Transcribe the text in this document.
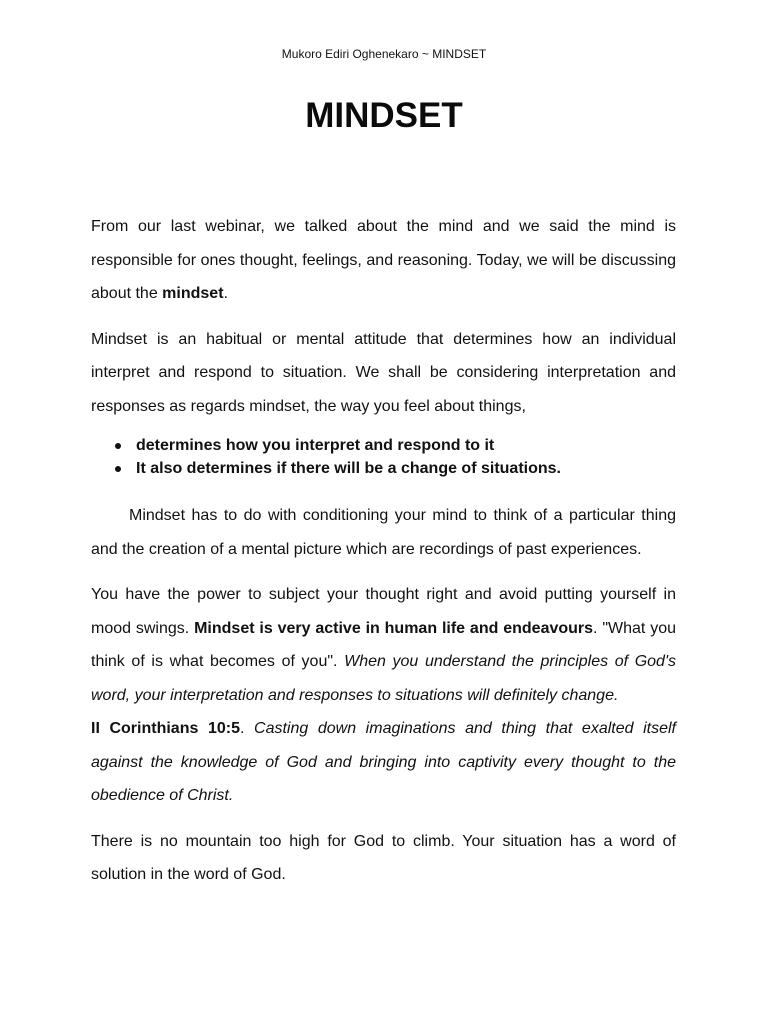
Mukoro Ediri Oghenekaro ~ MINDSET
MINDSET

From our last webinar, we talked about the mind and we said the mind is responsible for ones thought, feelings, and reasoning. Today, we will be discussing about the mindset.

Mindset is an habitual or mental attitude that determines how an individual interpret and respond to situation. We shall be considering interpretation and responses as regards mindset, the way you feel about things,

determines how you interpret and respond to it
It also determines if there will be a change of situations.

Mindset has to do with conditioning your mind to think of a particular thing and the creation of a mental picture which are recordings of past experiences.

You have the power to subject your thought right and avoid putting yourself in mood swings. Mindset is very active in human life and endeavours. "What you think of is what becomes of you". When you understand the principles of God's word, your interpretation and responses to situations will definitely change.

II Corinthians 10:5. Casting down imaginations and thing that exalted itself against the knowledge of God and bringing into captivity every thought to the obedience of Christ.

There is no mountain too high for God to climb. Your situation has a word of solution in the word of God.
